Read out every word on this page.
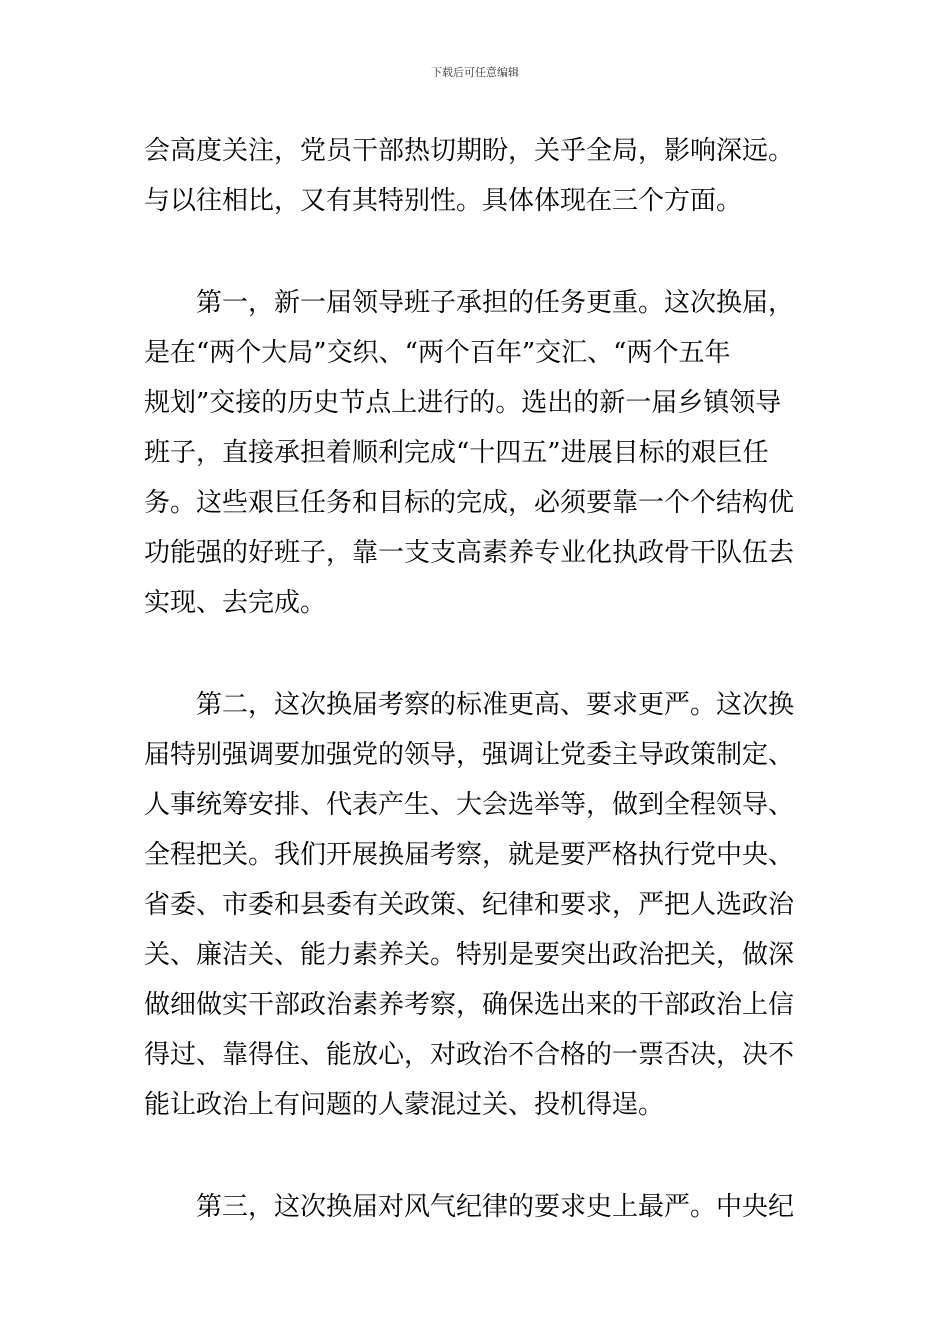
下载后可任意编辑
会高度关注，党员干部热切期盼，关乎全局，影响深远。
与以往相比，又有其特别性。具体体现在三个方面。
第一，新一届领导班子承担的任务更重。这次换届，
是在“两个大局”交织、“两个百年”交汇、“两个五年
规划”交接的历史节点上进行的。选出的新一届乡镇领导
班子，直接承担着顺利完成“十四五”进展目标的艰巨任
务。这些艰巨任务和目标的完成，必须要靠一个个结构优
功能强的好班子，靠一支支高素养专业化执政骨干队伍去
实现、去完成。
第二，这次换届考察的标准更高、要求更严。这次换
届特别强调要加强党的领导，强调让党委主导政策制定、
人事统筹安排、代表产生、大会选举等，做到全程领导、
全程把关。我们开展换届考察，就是要严格执行党中央、
省委、市委和县委有关政策、纪律和要求，严把人选政治
关、廉洁关、能力素养关。特别是要突出政治把关，做深
做细做实干部政治素养考察，确保选出来的干部政治上信
得过、靠得住、能放心，对政治不合格的一票否决，决不
能让政治上有问题的人蒙混过关、投机得逞。
第三，这次换届对风气纪律的要求史上最严。中央纪
